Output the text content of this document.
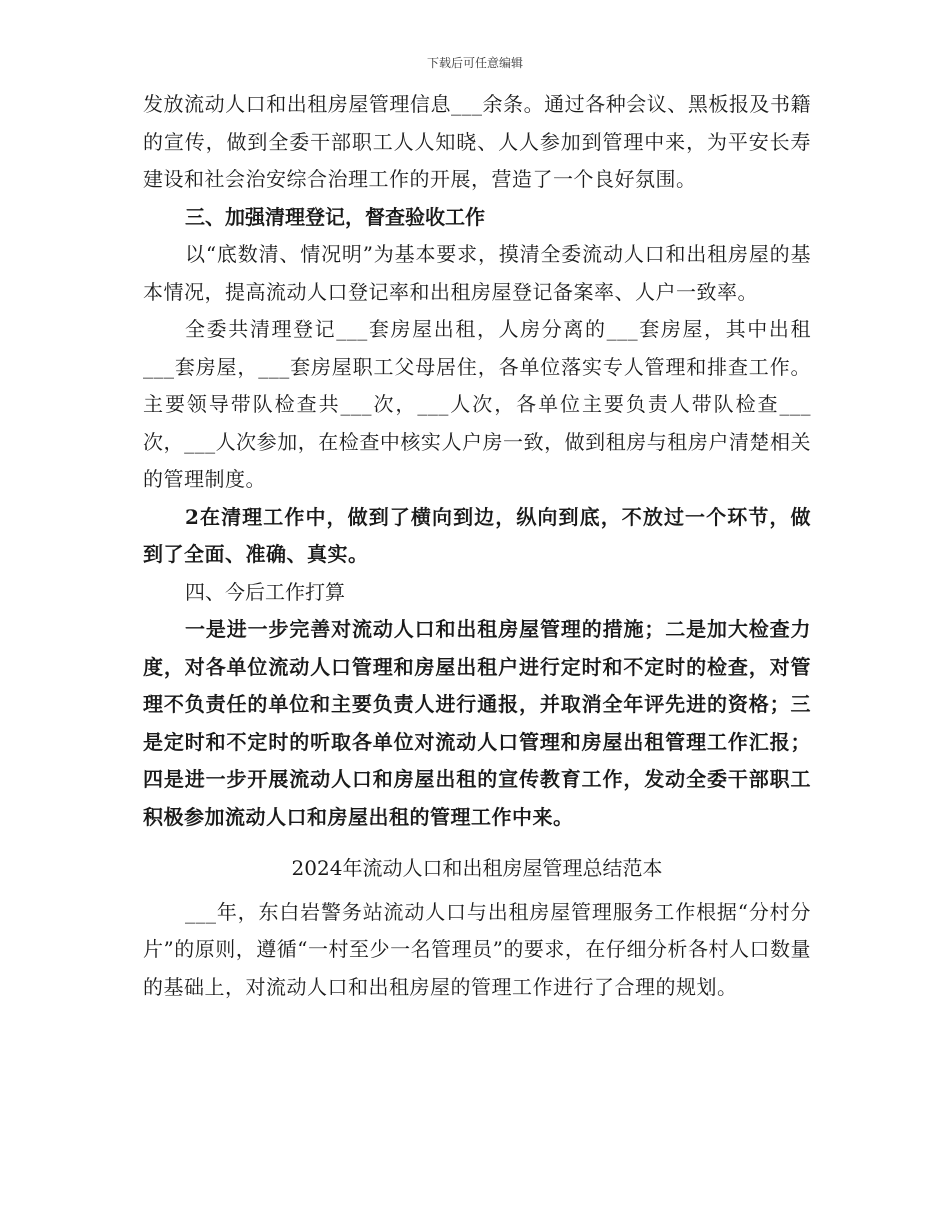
下载后可任意编辑

发放流动人口和出租房屋管理信息___余条。通过各种会议、黑板报及书籍的宣传，做到全委干部职工人人知晓、人人参加到管理中来，为平安长寿建设和社会治安综合治理工作的开展，营造了一个良好氛围。

三、加强清理登记，督查验收工作

以“底数清、情况明”为基本要求，摸清全委流动人口和出租房屋的基本情况，提高流动人口登记率和出租房屋登记备案率、人户一致率。

全委共清理登记___套房屋出租，人房分离的___套房屋，其中出租___套房屋，___套房屋职工父母居住，各单位落实专人管理和排查工作。主要领导带队检查共___次，___人次，各单位主要负责人带队检查___次，___人次参加，在检查中核实人户房一致，做到租房与租房户清楚相关的管理制度。

2在清理工作中，做到了横向到边，纵向到底，不放过一个环节，做到了全面、准确、真实。

四、今后工作打算

一是进一步完善对流动人口和出租房屋管理的措施；二是加大检查力度，对各单位流动人口管理和房屋出租户进行定时和不定时的检查，对管理不负责任的单位和主要负责人进行通报，并取消全年评先进的资格；三是定时和不定时的听取各单位对流动人口管理和房屋出租管理工作汇报；四是进一步开展流动人口和房屋出租的宣传教育工作，发动全委干部职工积极参加流动人口和房屋出租的管理工作中来。

2024年流动人口和出租房屋管理总结范本

___年，东白岩警务站流动人口与出租房屋管理服务工作根据“分村分片”的原则，遵循“一村至少一名管理员”的要求，在仔细分析各村人口数量的基础上，对流动人口和出租房屋的管理工作进行了合理的规划。
